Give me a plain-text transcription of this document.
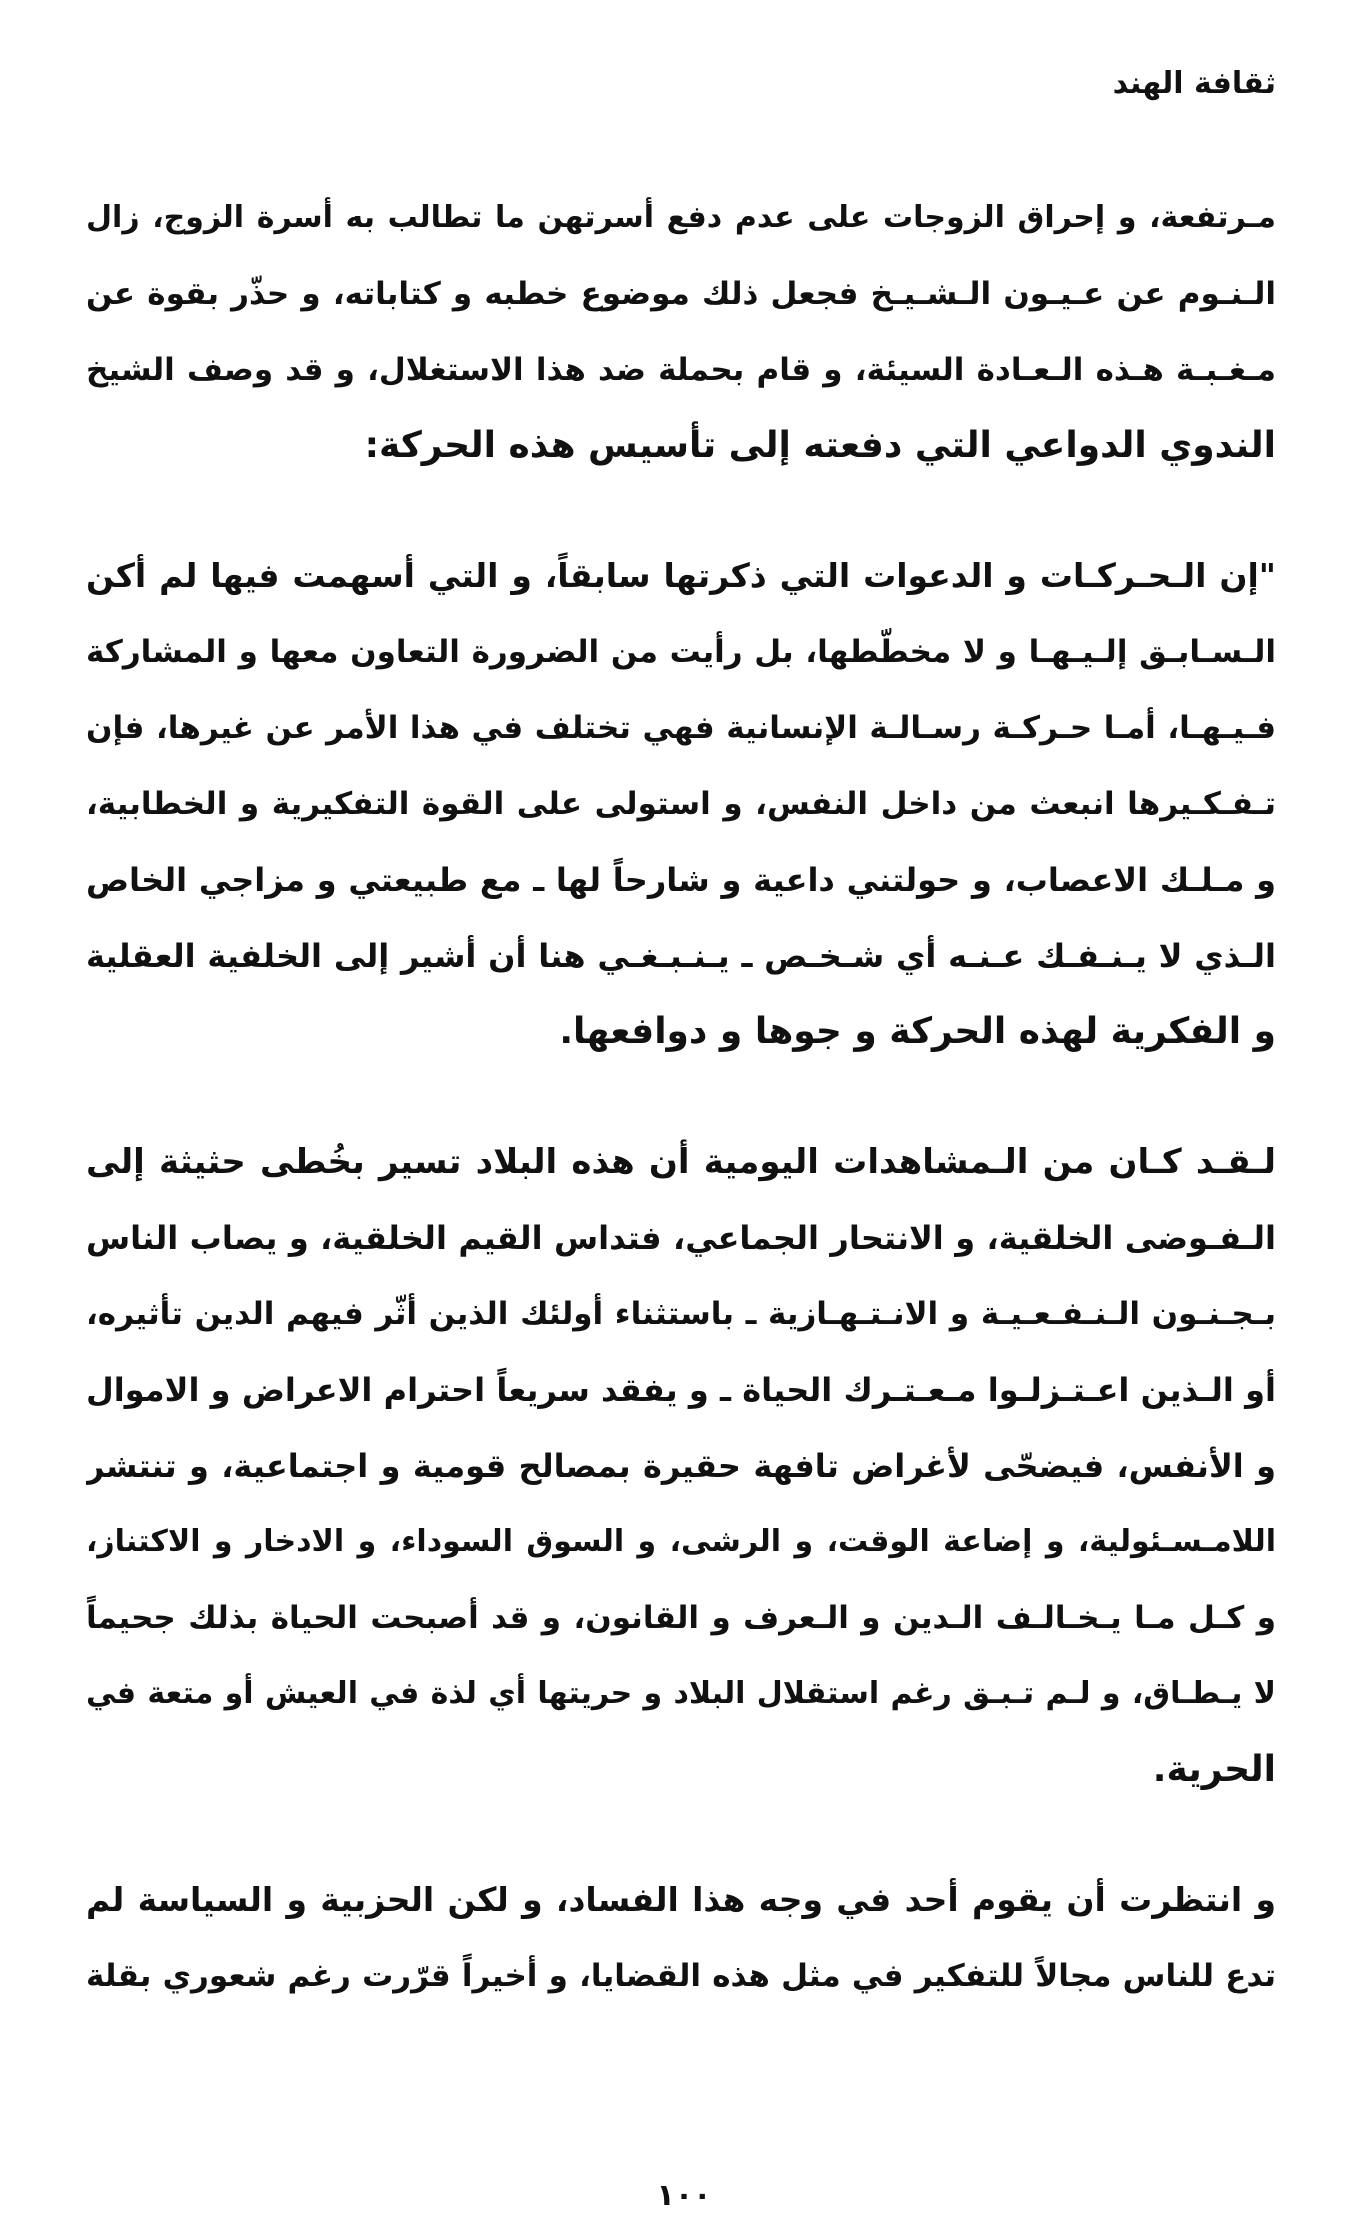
ثقافة الهند

مـرتفعة، و إحراق الزوجات على عدم دفع أسرتهن ما تطالب به أسرة الزوج، زال
الـنـوم عن عـيـون الـشـيـخ فجعل ذلك موضوع خطبه و كتاباته، و حذّر بقوة عن
مـغـبـة هـذه الـعـادة السيئة، و قام بحملة ضد هذا الاستغلال، و قد وصف الشيخ
الندوي الدواعي التي دفعته إلى تأسيس هذه الحركة:

"إن الـحـركـات و الدعوات التي ذكرتها سابقاً، و التي أسهمت فيها لم أكن
الـسـابـق إلـيـهـا و لا مخطّطها، بل رأيت من الضرورة التعاون معها و المشاركة
فـيـهـا، أمـا حـركـة رسـالـة الإنسانية فهي تختلف في هذا الأمر عن غيرها، فإن
تـفـكـيرها انبعث من داخل النفس، و استولى على القوة التفكيرية و الخطابية،
و مـلـك الاعصاب، و حولتني داعية و شارحاً لها ـ مع طبيعتي و مزاجي الخاص
الـذي لا يـنـفـك عـنـه أي شـخـص ـ يـنـبـغـي هنا أن أشير إلى الخلفية العقلية
و الفكرية لهذه الحركة و جوها و دوافعها.

لـقـد كـان من الـمشاهدات اليومية أن هذه البلاد تسير بخُطى حثيثة إلى
الـفـوضى الخلقية، و الانتحار الجماعي، فتداس القيم الخلقية، و يصاب الناس
بـجـنـون الـنـفـعـيـة و الانـتـهـازية ـ باستثناء أولئك الذين أثّر فيهم الدين تأثيره،
أو الـذين اعـتـزلـوا مـعـتـرك الحياة ـ و يفقد سريعاً احترام الاعراض و الاموال
و الأنفس، فيضحّى لأغراض تافهة حقيرة بمصالح قومية و اجتماعية، و تنتشر
اللامـسـئولية، و إضاعة الوقت، و الرشى، و السوق السوداء، و الادخار و الاكتناز،
و كـل مـا يـخـالـف الـدين و الـعرف و القانون، و قد أصبحت الحياة بذلك جحيماً
لا يـطـاق، و لـم تـبـق رغم استقلال البلاد و حريتها أي لذة في العيش أو متعة في
الحرية.

و انتظرت أن يقوم أحد في وجه هذا الفساد، و لكن الحزبية و السياسة لم
تدع للناس مجالاً للتفكير في مثل هذه القضايا، و أخيراً قرّرت رغم شعوري بقلة

١٠٠
